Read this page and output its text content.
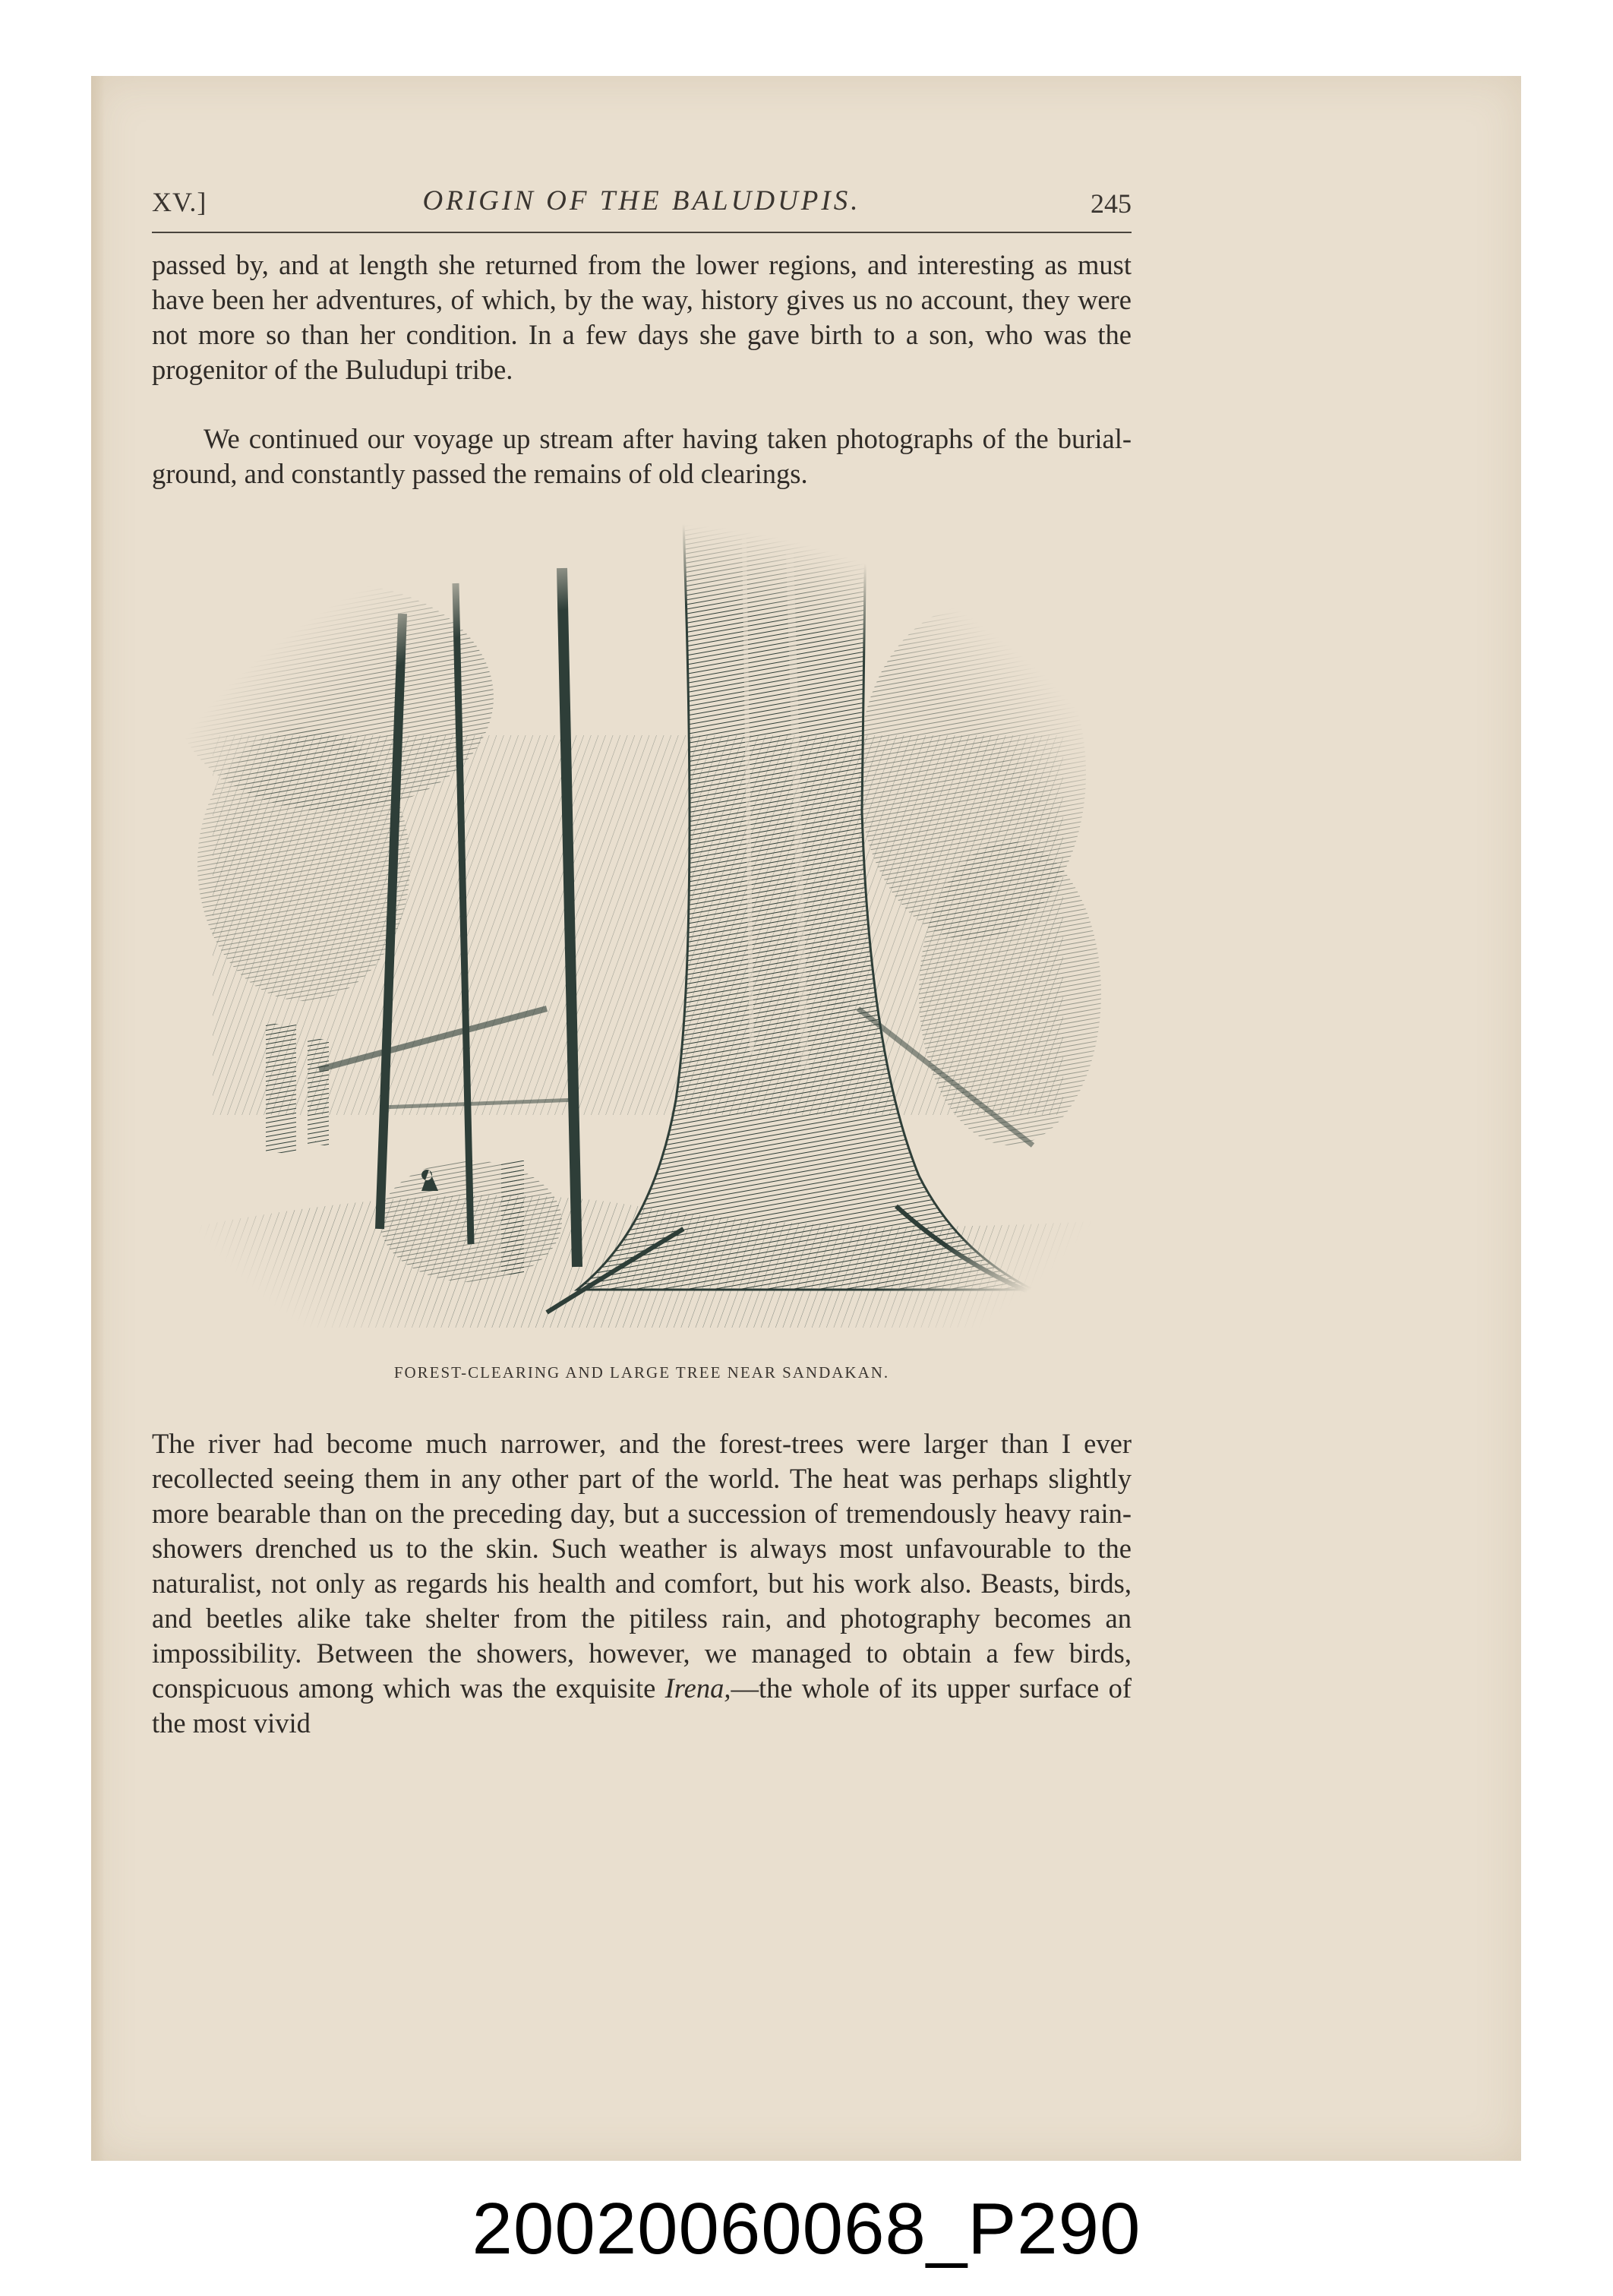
XV.]	ORIGIN OF THE BALUDUPIS.	245

passed by, and at length she returned from the lower regions, and interesting as must have been her adventures, of which, by the way, history gives us no account, they were not more so than her condition. In a few days she gave birth to a son, who was the progenitor of the Buludupi tribe.

We continued our voyage up stream after having taken photographs of the burial-ground, and constantly passed the remains of old clearings.

FOREST-CLEARING AND LARGE TREE NEAR SANDAKAN.

The river had become much narrower, and the forest-trees were larger than I ever recollected seeing them in any other part of the world. The heat was perhaps slightly more bearable than on the preceding day, but a succession of tremendously heavy rain-showers drenched us to the skin. Such weather is always most unfavourable to the naturalist, not only as regards his health and comfort, but his work also. Beasts, birds, and beetles alike take shelter from the pitiless rain, and photography becomes an impossibility. Between the showers, however, we managed to obtain a few birds, conspicuous among which was the exquisite Irena,—the whole of its upper surface of the most vivid

20020060068_P290
